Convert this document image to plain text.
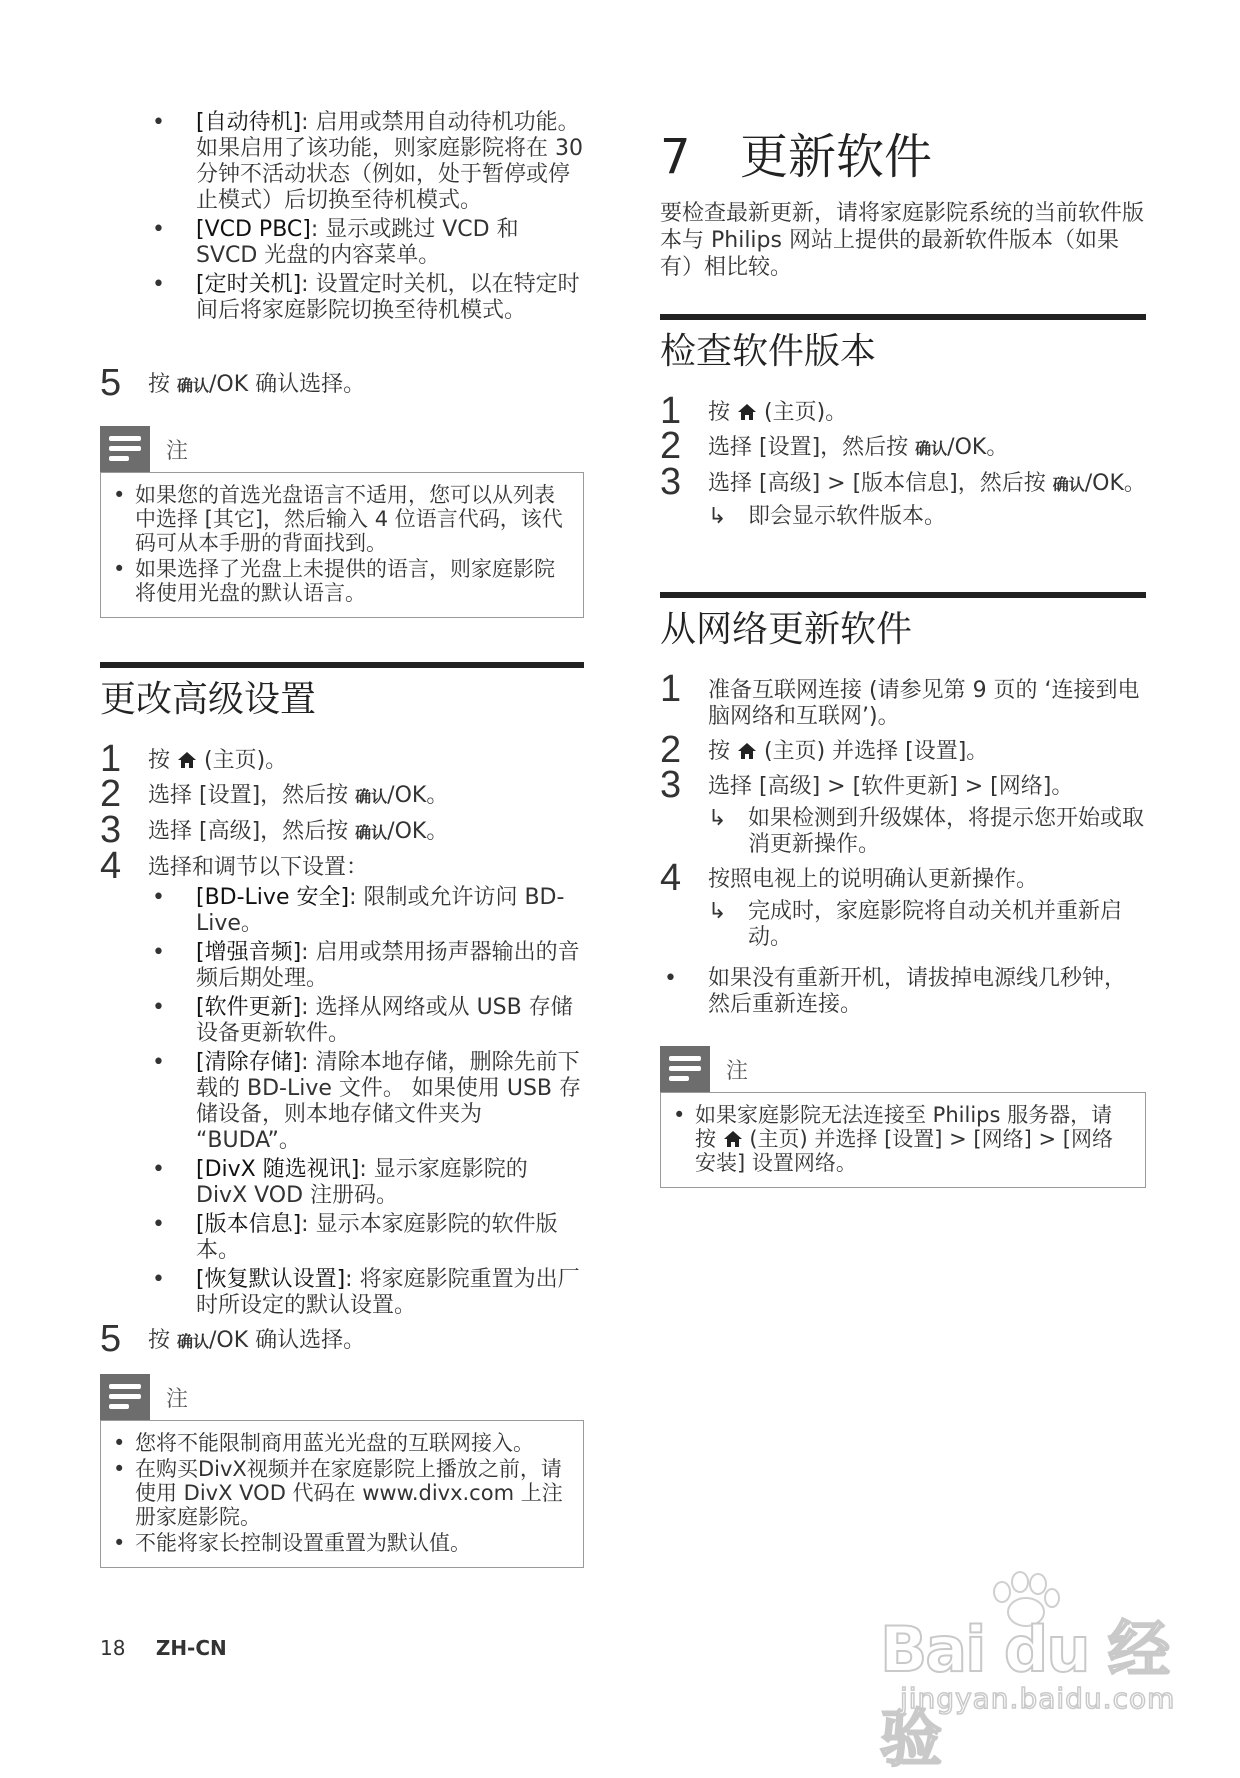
• [自动待机]: 启用或禁用自动待机功能。 如果启用了该功能，则家庭影院将在 30 分钟不活动状态（例如，处于暂停或停止模式）后切换至待机模式。
• [VCD PBC]: 显示或跳过 VCD 和 SVCD 光盘的内容菜单。
• [定时关机]: 设置定时关机，以在特定时间后将家庭影院切换至待机模式。
5 按 确认/OK 确认选择。
注
• 如果您的首选光盘语言不适用，您可以从列表中选择 [其它]，然后输入 4 位语言代码，该代码可从本手册的背面找到。
• 如果选择了光盘上未提供的语言，则家庭影院将使用光盘的默认语言。
更改高级设置
1 按  (主页)。
2 选择 [设置]，然后按 确认/OK。
3 选择 [高级]，然后按 确认/OK。
4 选择和调节以下设置：
• [BD-Live 安全]: 限制或允许访问 BD-Live。
• [增强音频]: 启用或禁用扬声器输出的音频后期处理。
• [软件更新]: 选择从网络或从 USB 存储设备更新软件。
• [清除存储]: 清除本地存储，删除先前下载的 BD-Live 文件。 如果使用 USB 存储设备，则本地存储文件夹为 “BUDA”。
• [DivX 随选视讯]: 显示家庭影院的 DivX VOD 注册码。
• [版本信息]: 显示本家庭影院的软件版本。
• [恢复默认设置]: 将家庭影院重置为出厂时所设定的默认设置。
5 按 确认/OK 确认选择。
注
• 您将不能限制商用蓝光光盘的互联网接入。
• 在购买DivX视频并在家庭影院上播放之前，请使用 DivX VOD 代码在 www.divx.com 上注册家庭影院。
• 不能将家长控制设置重置为默认值。
7 更新软件
要检查最新更新，请将家庭影院系统的当前软件版本与 Philips 网站上提供的最新软件版本（如果有）相比较。
检查软件版本
1 按  (主页)。
2 选择 [设置]，然后按 确认/OK。
3 选择 [高级] > [版本信息]，然后按 确认/OK。
↳ 即会显示软件版本。
从网络更新软件
1 准备互联网连接 (请参见第 9 页的 ‘连接到电脑网络和互联网’)。
2 按  (主页) 并选择 [设置]。
3 选择 [高级] > [软件更新] > [网络]。
↳ 如果检测到升级媒体，将提示您开始或取消更新操作。
4 按照电视上的说明确认更新操作。
↳ 完成时，家庭影院将自动关机并重新启动。
• 如果没有重新开机，请拔掉电源线几秒钟，然后重新连接。
注
• 如果家庭影院无法连接至 Philips 服务器，请按  (主页) 并选择 [设置] > [网络] > [网络安装] 设置网络。
18 ZH-CN	Bai du 经验
jingyan.baidu.com
